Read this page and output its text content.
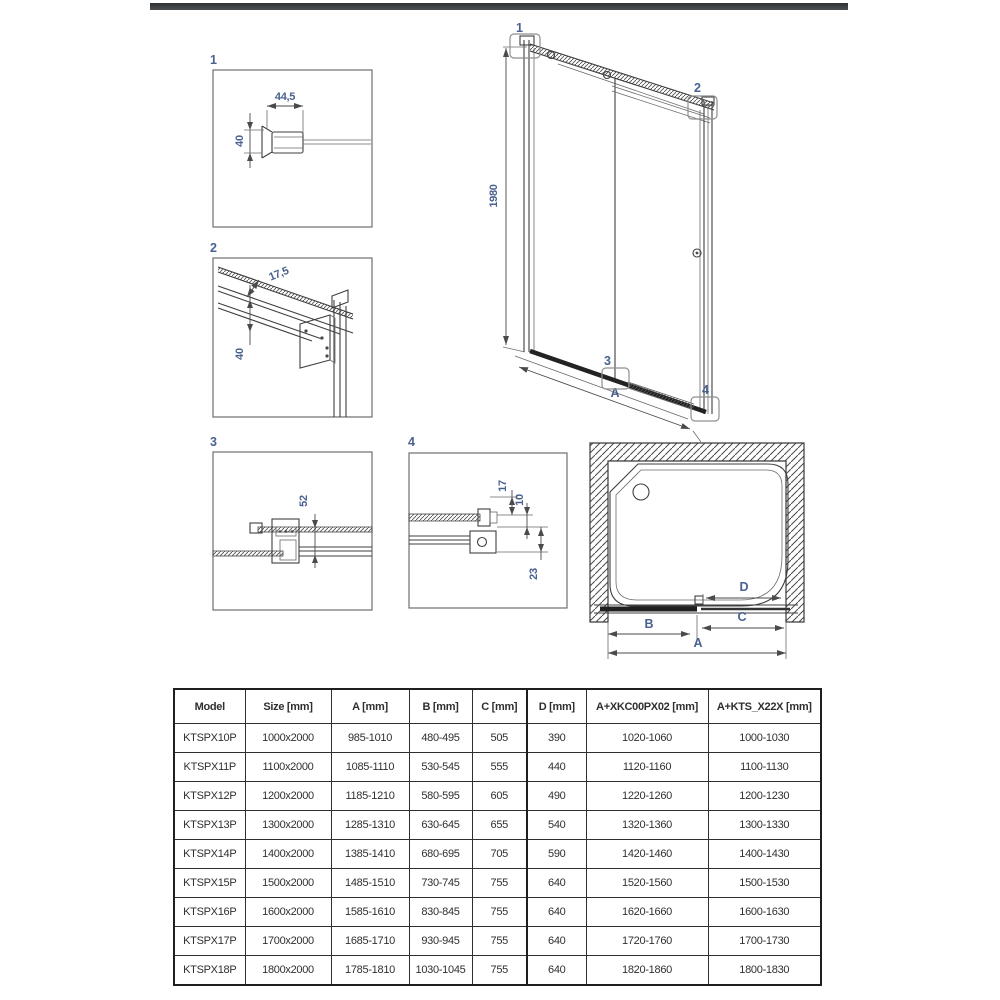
1
44,5
40
2
17,5
40
3
52
4
17
10
23
1980
A
1
2
3
4
D
B	C
A
Model	Size [mm]	A [mm]	B [mm]	C [mm]	D [mm]	A+XKC00PX02 [mm]	A+KTS_X22X [mm]
KTSPX10P	1000x2000	985-1010	480-495	505	390	1020-1060	1000-1030
KTSPX11P	1100x2000	1085-1110	530-545	555	440	1120-1160	1100-1130
KTSPX12P	1200x2000	1185-1210	580-595	605	490	1220-1260	1200-1230
KTSPX13P	1300x2000	1285-1310	630-645	655	540	1320-1360	1300-1330
KTSPX14P	1400x2000	1385-1410	680-695	705	590	1420-1460	1400-1430
KTSPX15P	1500x2000	1485-1510	730-745	755	640	1520-1560	1500-1530
KTSPX16P	1600x2000	1585-1610	830-845	755	640	1620-1660	1600-1630
KTSPX17P	1700x2000	1685-1710	930-945	755	640	1720-1760	1700-1730
KTSPX18P	1800x2000	1785-1810	1030-1045	755	640	1820-1860	1800-1830
